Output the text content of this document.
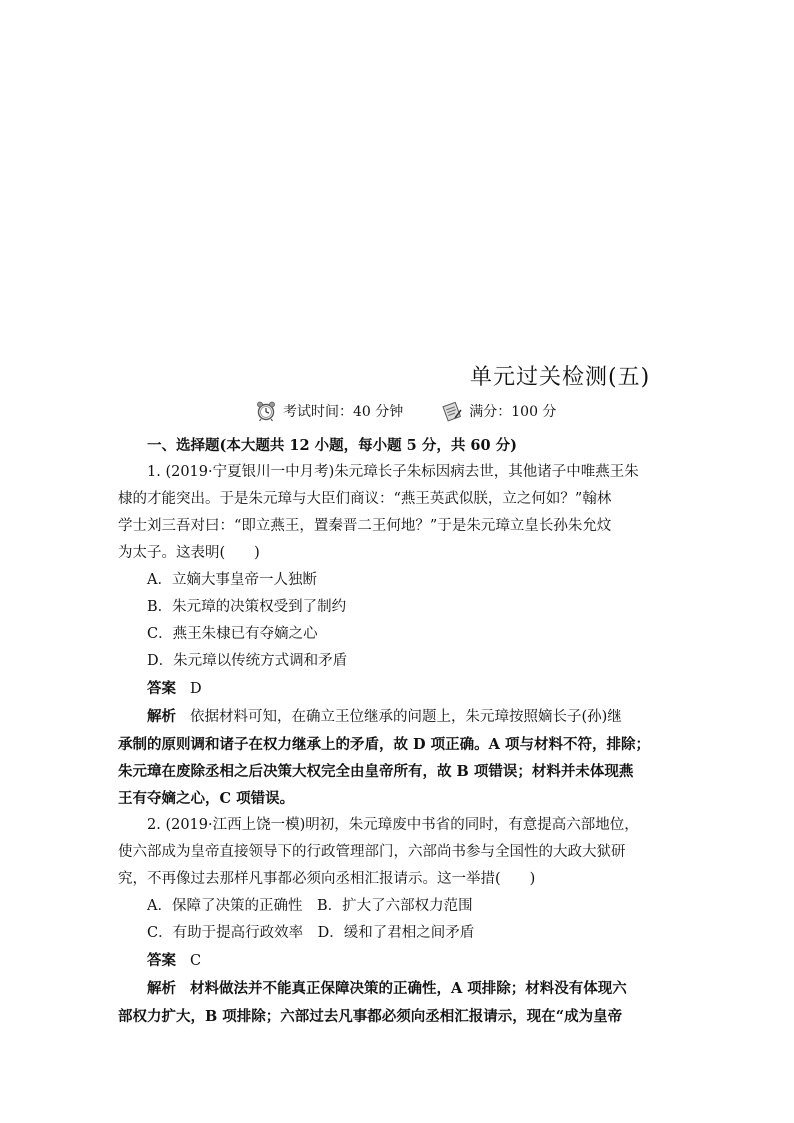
单元过关检测(五)
考试时间：40 分钟	满分：100 分
一、选择题(本大题共 12 小题，每小题 5 分，共 60 分)
1. (2019·宁夏银川一中月考)朱元璋长子朱标因病去世，其他诸子中唯燕王朱
棣的才能突出。于是朱元璋与大臣们商议：“燕王英武似朕，立之何如？”翰林
学士刘三吾对曰：“即立燕王，置秦晋二王何地？”于是朱元璋立皇长孙朱允炆
为太子。这表明(　　)
A．立嫡大事皇帝一人独断
B．朱元璋的决策权受到了制约
C．燕王朱棣已有夺嫡之心
D．朱元璋以传统方式调和矛盾
答案 D
解析 依据材料可知，在确立王位继承的问题上，朱元璋按照嫡长子(孙)继
承制的原则调和诸子在权力继承上的矛盾，故 D 项正确。A 项与材料不符，排除；
朱元璋在废除丞相之后决策大权完全由皇帝所有，故 B 项错误；材料并未体现燕
王有夺嫡之心，C 项错误。
2. (2019·江西上饶一模)明初，朱元璋废中书省的同时，有意提高六部地位，
使六部成为皇帝直接领导下的行政管理部门，六部尚书参与全国性的大政大狱研
究，不再像过去那样凡事都必须向丞相汇报请示。这一举措(　　)
A．保障了决策的正确性　B．扩大了六部权力范围
C．有助于提高行政效率　D．缓和了君相之间矛盾
答案 C
解析 材料做法并不能真正保障决策的正确性，A 项排除；材料没有体现六
部权力扩大，B 项排除；六部过去凡事都必须向丞相汇报请示，现在“成为皇帝
